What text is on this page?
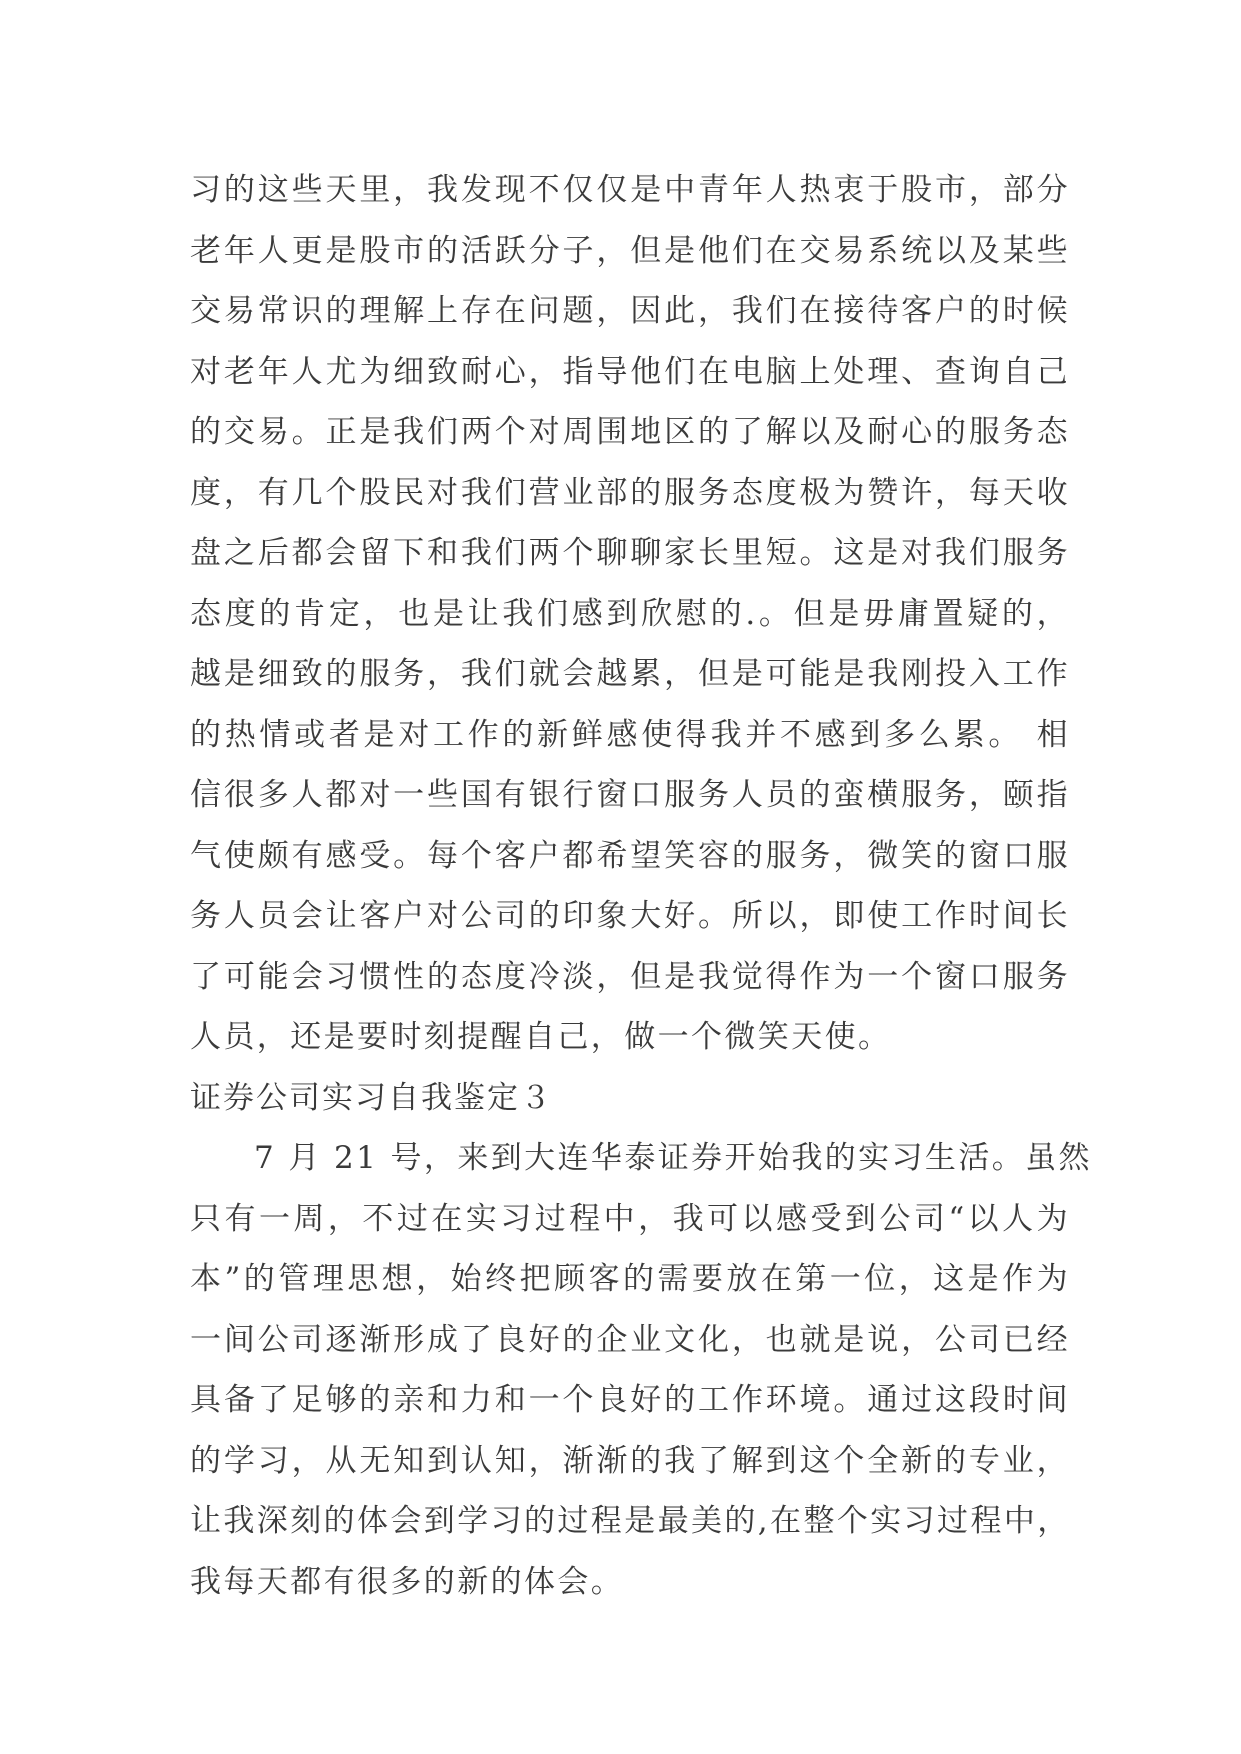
习的这些天里，我发现不仅仅是中青年人热衷于股市，部分
老年人更是股市的活跃分子，但是他们在交易系统以及某些
交易常识的理解上存在问题，因此，我们在接待客户的时候
对老年人尤为细致耐心，指导他们在电脑上处理、查询自己
的交易。正是我们两个对周围地区的了解以及耐心的服务态
度，有几个股民对我们营业部的服务态度极为赞许，每天收
盘之后都会留下和我们两个聊聊家长里短。这是对我们服务
态度的肯定，也是让我们感到欣慰的.。但是毋庸置疑的，
越是细致的服务，我们就会越累，但是可能是我刚投入工作
的热情或者是对工作的新鲜感使得我并不感到多么累。 相
信很多人都对一些国有银行窗口服务人员的蛮横服务，颐指
气使颇有感受。每个客户都希望笑容的服务，微笑的窗口服
务人员会让客户对公司的印象大好。所以，即使工作时间长
了可能会习惯性的态度冷淡，但是我觉得作为一个窗口服务
人员，还是要时刻提醒自己，做一个微笑天使。
证券公司实习自我鉴定３
7 月 21 号，来到大连华泰证券开始我的实习生活。虽然
只有一周，不过在实习过程中，我可以感受到公司“以人为
本”的管理思想，始终把顾客的需要放在第一位，这是作为
一间公司逐渐形成了良好的企业文化，也就是说，公司已经
具备了足够的亲和力和一个良好的工作环境。通过这段时间
的学习，从无知到认知，渐渐的我了解到这个全新的专业，
让我深刻的体会到学习的过程是最美的,在整个实习过程中，
我每天都有很多的新的体会。
